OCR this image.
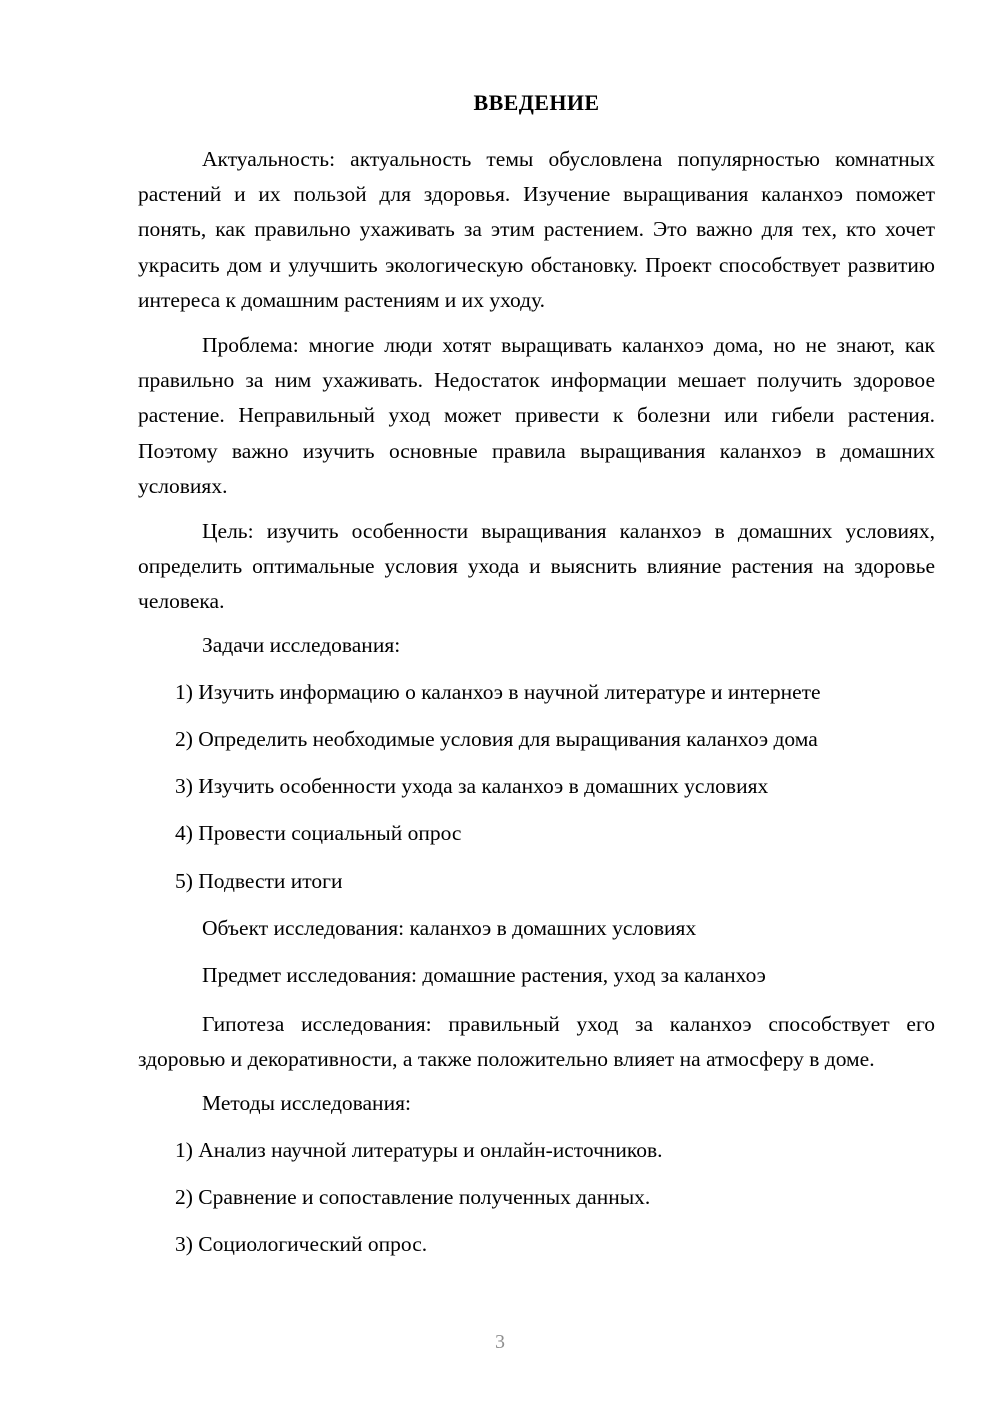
ВВЕДЕНИЕ

Актуальность: актуальность темы обусловлена популярностью комнатных растений и их пользой для здоровья. Изучение выращивания каланхоэ поможет понять, как правильно ухаживать за этим растением. Это важно для тех, кто хочет украсить дом и улучшить экологическую обстановку. Проект способствует развитию интереса к домашним растениям и их уходу.

Проблема: многие люди хотят выращивать каланхоэ дома, но не знают, как правильно за ним ухаживать. Недостаток информации мешает получить здоровое растение. Неправильный уход может привести к болезни или гибели растения. Поэтому важно изучить основные правила выращивания каланхоэ в домашних условиях.

Цель: изучить особенности выращивания каланхоэ в домашних условиях, определить оптимальные условия ухода и выяснить влияние растения на здоровье человека.

Задачи исследования:

1) Изучить информацию о каланхоэ в научной литературе и интернете
2) Определить необходимые условия для выращивания каланхоэ дома
3) Изучить особенности ухода за каланхоэ в домашних условиях
4) Провести социальный опрос
5) Подвести итоги

Объект исследования: каланхоэ в домашних условиях

Предмет исследования: домашние растения, уход за каланхоэ

Гипотеза исследования: правильный уход за каланхоэ способствует его здоровью и декоративности, а также положительно влияет на атмосферу в доме.

Методы исследования:

1) Анализ научной литературы и онлайн-источников.
2) Сравнение и сопоставление полученных данных.
3) Социологический опрос.
3
